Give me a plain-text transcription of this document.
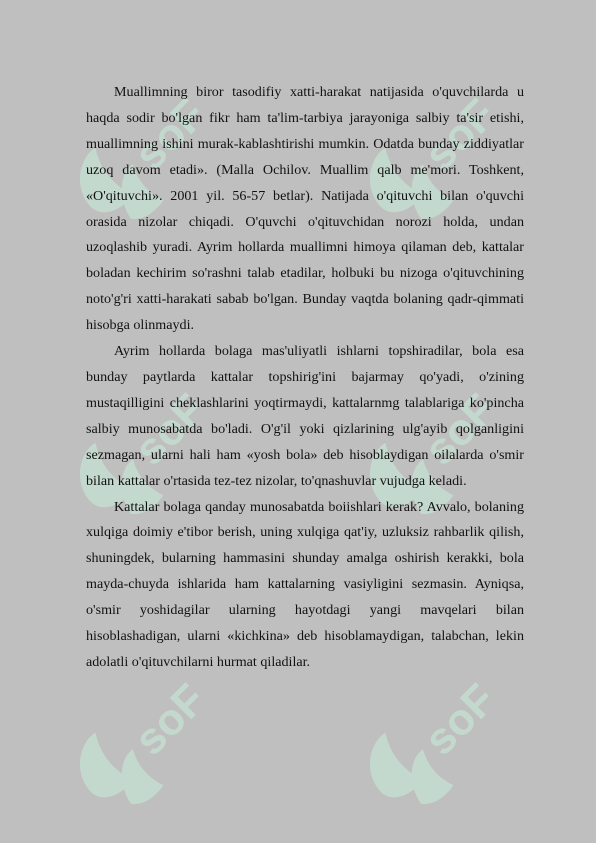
soF	soF
soF	soF
soF	soF

Muallimning biror tasodifiy xatti-harakat natijasida o'quvchilarda u haqda sodir bo'lgan fikr ham ta'lim-tarbiya jarayoniga salbiy ta'sir etishi, muallimning ishini murak-kablashtirishi mumkin. Odatda bunday ziddiyatlar uzoq davom etadi». (Malla Ochilov. Muallim qalb me'mori. Toshkent, «O'qituvchi». 2001 yil. 56-57 betlar). Natijada o'qituvchi bilan o'quvchi orasida nizolar chiqadi. O'quvchi o'qituvchidan norozi holda, undan uzoqlashib yuradi. Ayrim hollarda muallimni himoya qilaman deb, kattalar boladan kechirim so'rashni talab etadilar, holbuki bu nizoga o'qituvchining noto'g'ri xatti-harakati sabab bo'lgan. Bunday vaqtda bolaning qadr-qimmati hisobga olinmaydi.

Ayrim hollarda bolaga mas'uliyatli ishlarni topshiradilar, bola esa bunday paytlarda kattalar topshirig'ini bajarmay qo'yadi, o'zining mustaqilligini cheklashlarini yoqtirmaydi, kattalarnmg talablariga ko'pincha salbiy munosabatda bo'ladi. O'g'il yoki qizlarining ulg'ayib qolganligini sezmagan, ularni hali ham «yosh bola» deb hisoblaydigan oilalarda o'smir bilan kattalar o'rtasida tez-tez nizolar, to'qnashuvlar vujudga keladi.

Kattalar bolaga qanday munosabatda boiishlari kerak? Avvalo, bolaning xulqiga doimiy e'tibor berish, uning xulqiga qat'iy, uzluksiz rahbarlik qilish, shuningdek, bularning hammasini shunday amalga oshirish kerakki, bola mayda-chuyda ishlarida ham kattalarning vasiyligini sezmasin. Ayniqsa, o'smir yoshidagilar ularning hayotdagi yangi mavqelari bilan hisoblashadigan, ularni «kichkina» deb hisoblamaydigan, talabchan, lekin adolatli o'qituvchilarni hurmat qiladilar.
